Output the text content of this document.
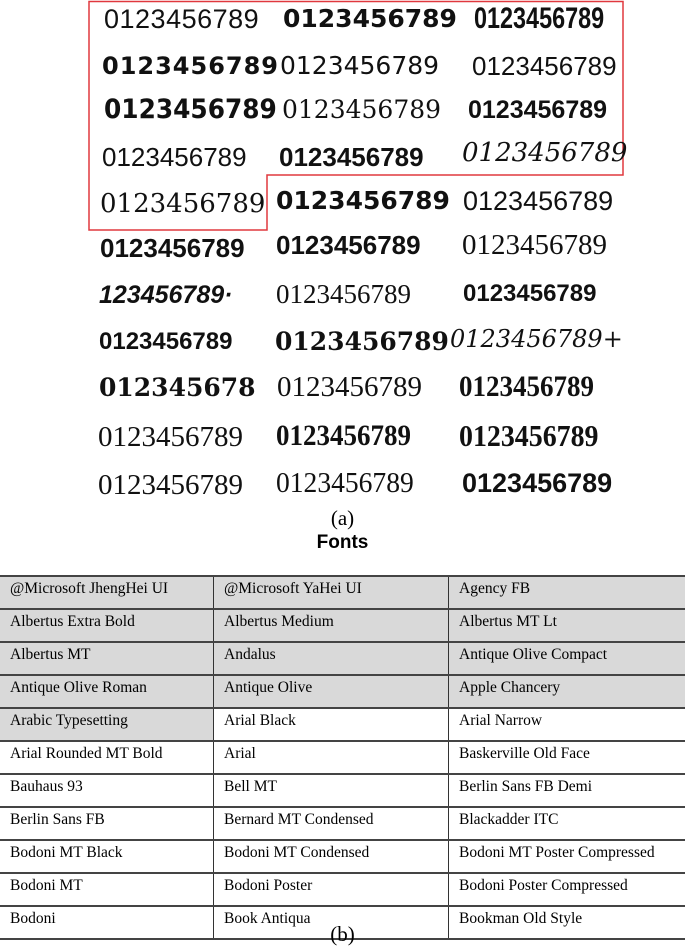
0123456789 0123456789 0123456789
0123456789 0123456789 0123456789
0123456789 0123456789 0123456789
0123456789 0123456789 0123456789
0123456789 0123456789 0123456789
0123456789 0123456789 0123456789
123456789· 0123456789 0123456789
0123456789 0123456789 0123456789+
012345678 0123456789 0123456789
0123456789 0123456789 0123456789
0123456789 0123456789 0123456789
(a)
Fonts
@Microsoft JhengHei UI	@Microsoft YaHei UI	Agency FB
Albertus Extra Bold	Albertus Medium	Albertus MT Lt
Albertus MT	Andalus	Antique Olive Compact
Antique Olive Roman	Antique Olive	Apple Chancery
Arabic Typesetting	Arial Black	Arial Narrow
Arial Rounded MT Bold	Arial	Baskerville Old Face
Bauhaus 93	Bell MT	Berlin Sans FB Demi
Berlin Sans FB	Bernard MT Condensed	Blackadder ITC
Bodoni MT Black	Bodoni MT Condensed	Bodoni MT Poster Compressed
Bodoni MT	Bodoni Poster	Bodoni Poster Compressed
Bodoni	Book Antiqua	Bookman Old Style
(b)
